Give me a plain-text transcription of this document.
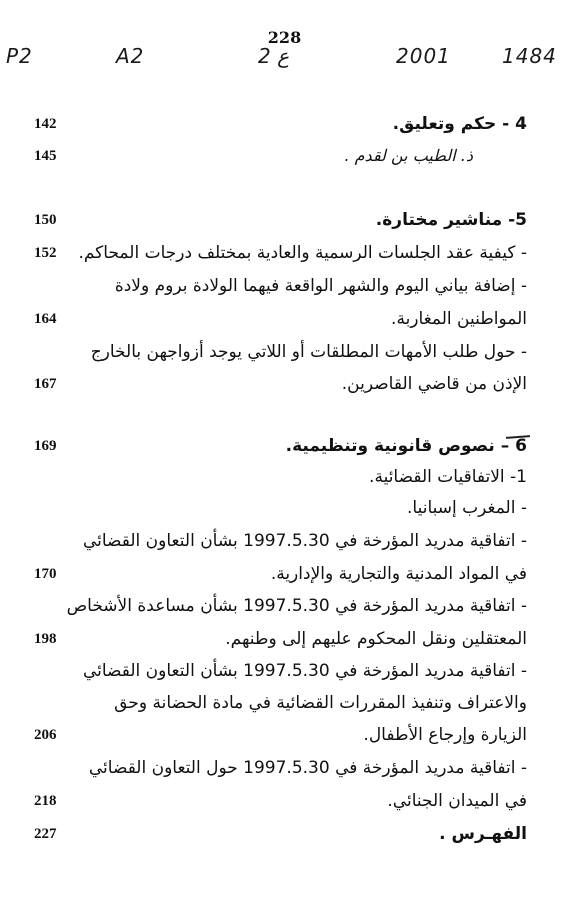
228
P2	A2	ع 2	2001	1484
142	4 - حكم وتعليق.
145	ذ. الطيب بن لقدم .
150	5- مناشير مختارة.
152 - كيفية عقد الجلسات الرسمية والعادية بمختلف درجات المحاكم.
- إضافة بياني اليوم والشهر الواقعة فيهما الولادة بروم ولادة
164	المواطنين المغاربة.
- حول طلب الأمهات المطلقات أو اللاتي يوجد أزواجهن بالخارج
167	الإذن من قاضي القاصرين.
169	6 – نصوص قانونية وتنظيمية.
1- الاتفاقيات القضائية.
- المغرب إسبانيا.
- اتفاقية مدريد المؤرخة في 1997.5.30 بشأن التعاون القضائي
170	في المواد المدنية والتجارية والإدارية.
- اتفاقية مدريد المؤرخة في 1997.5.30 بشأن مساعدة الأشخاص
198	المعتقلين ونقل المحكوم عليهم إلى وطنهم.
- اتفاقية مدريد المؤرخة في 1997.5.30 بشأن التعاون القضائي
والاعتراف وتنفيذ المقررات القضائية في مادة الحضانة وحق
206	الزيارة وإرجاع الأطفال.
- اتفاقية مدريد المؤرخة في 1997.5.30 حول التعاون القضائي
218	في الميدان الجنائي.
227	الفهـرس .
